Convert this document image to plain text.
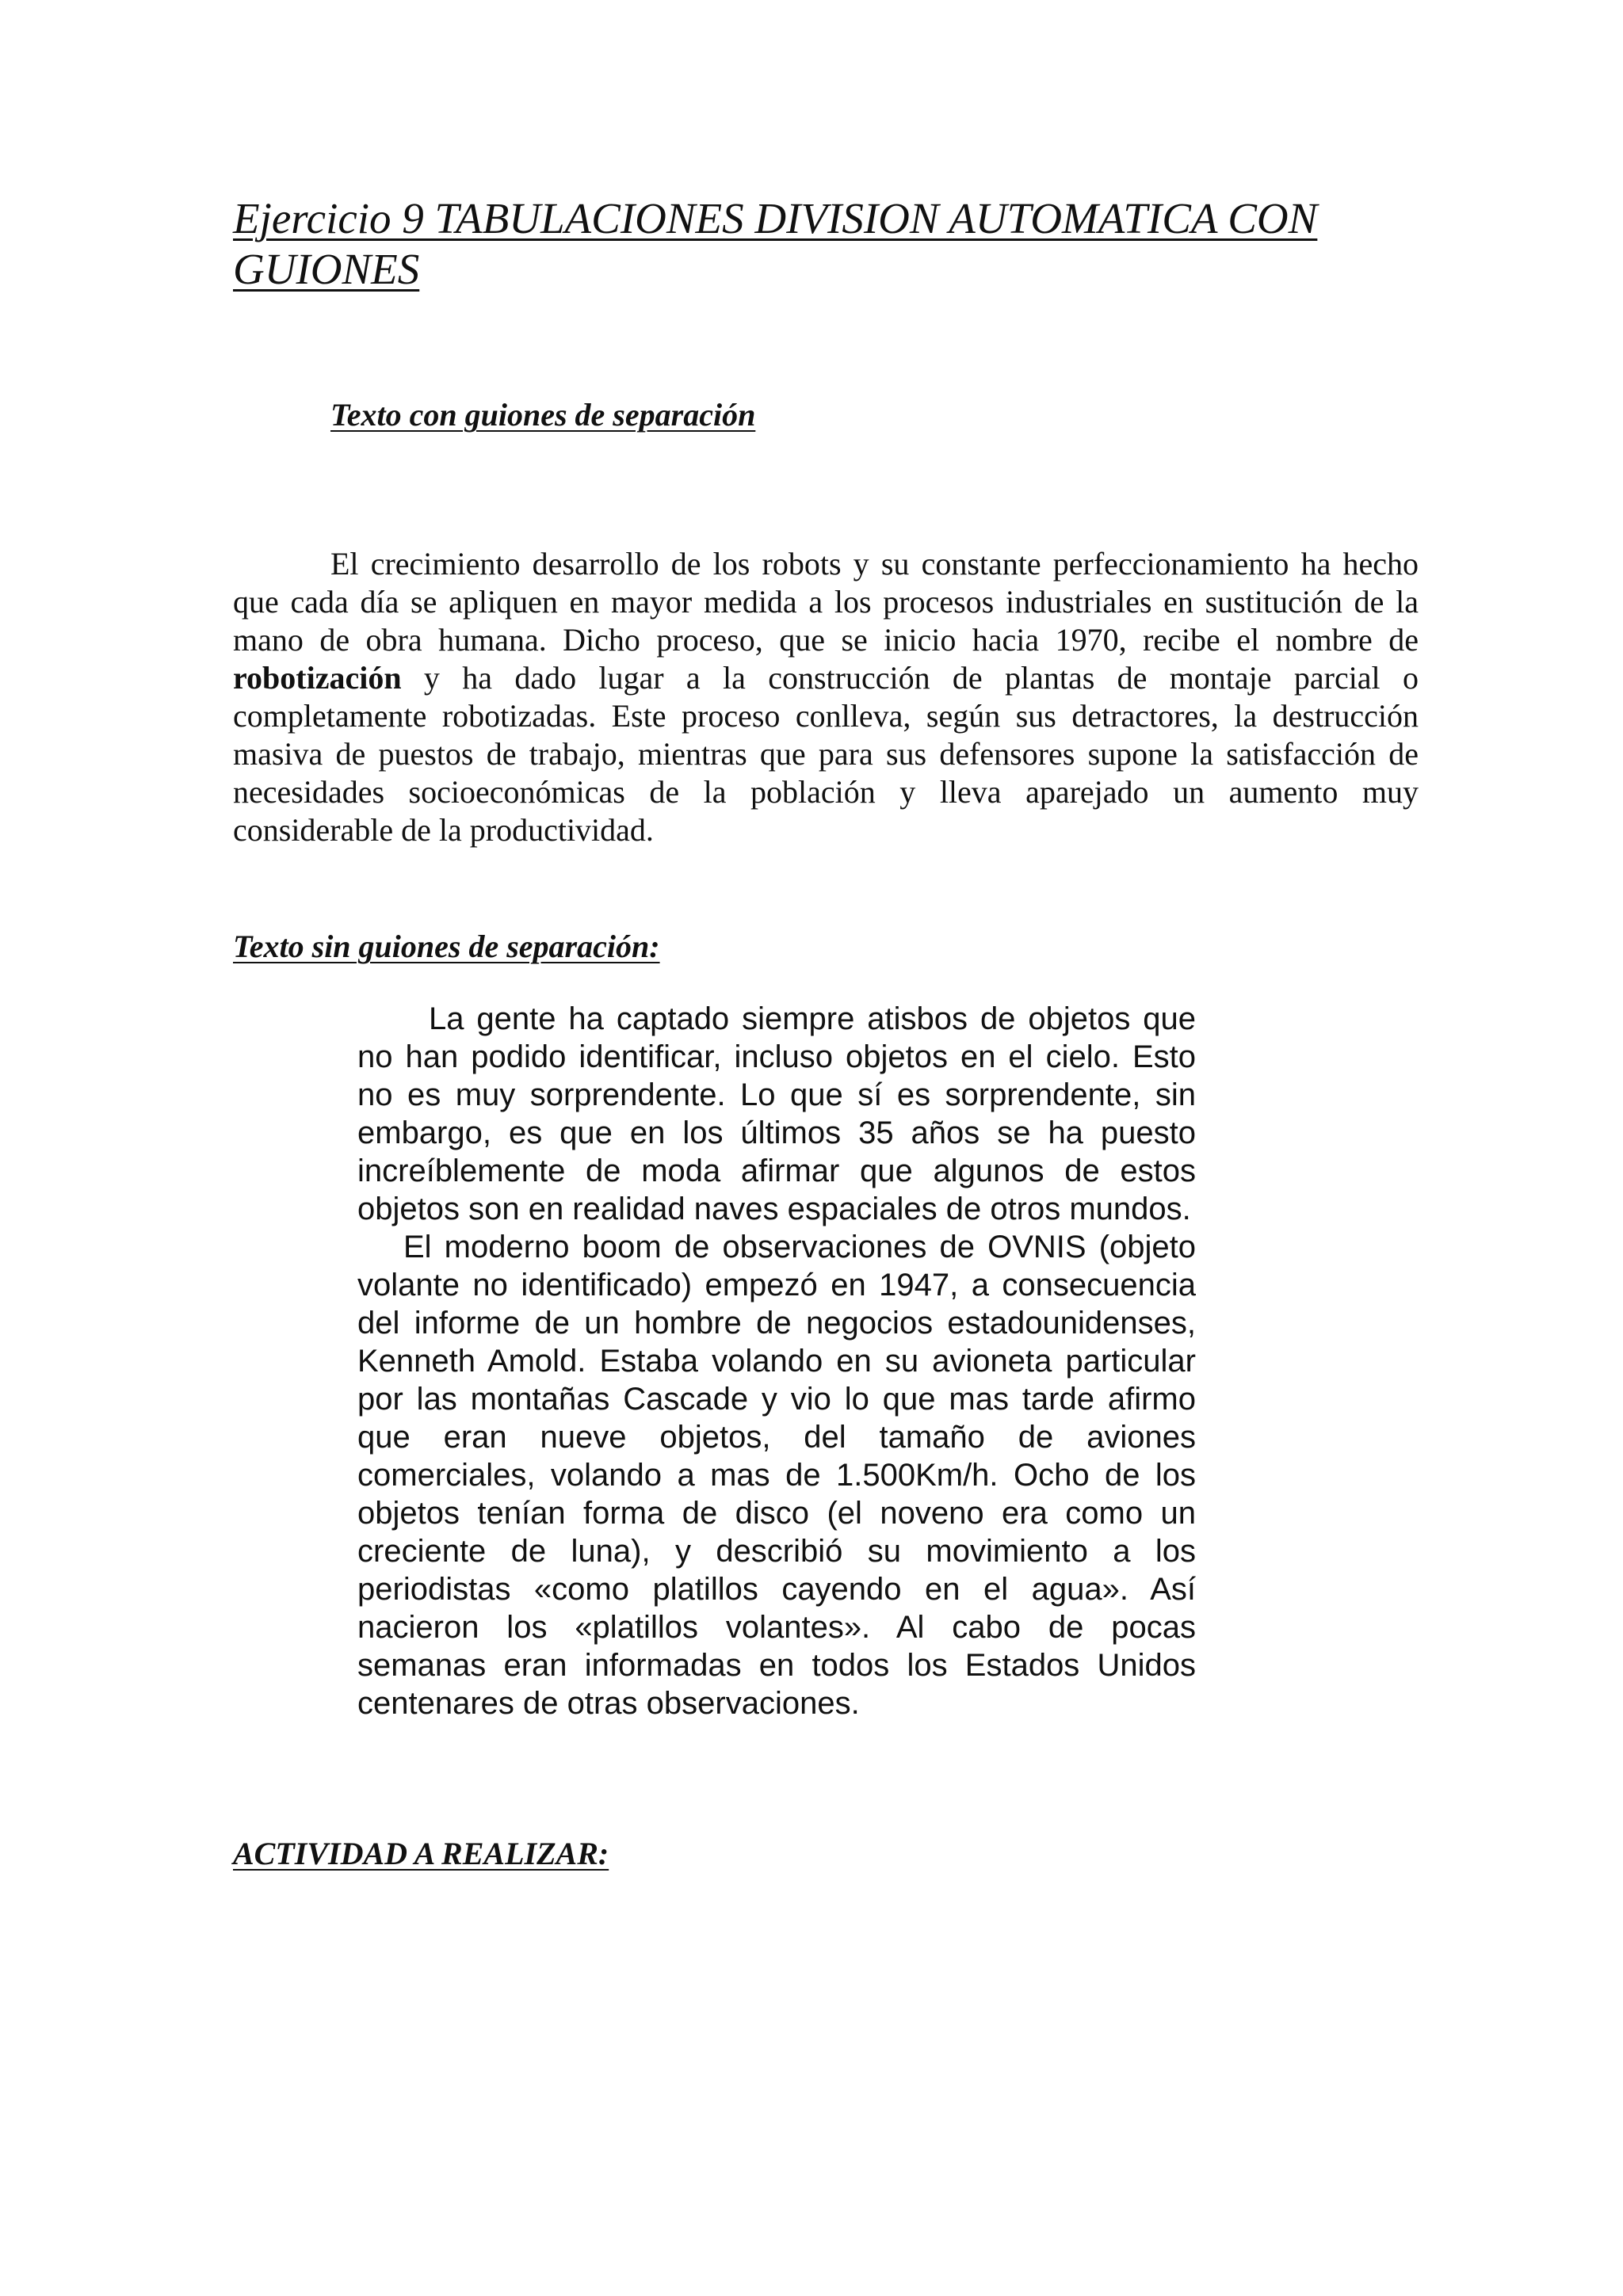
Ejercicio 9 TABULACIONES DIVISION AUTOMATICA CON GUIONES
Texto con guiones de separación

El crecimiento desarrollo de los robots y su constante perfeccionamiento ha hecho que cada día se apliquen en mayor medida a los procesos industriales en sustitución de la mano de obra humana. Dicho proceso, que se inicio hacia 1970, recibe el nombre de robotización y ha dado lugar a la construcción de plantas de montaje parcial o completamente robotizadas. Este proceso conlleva, según sus detractores, la destrucción masiva de puestos de trabajo, mientras que para sus defensores supone la satisfacción de necesidades socioeconómicas de la población y lleva aparejado un aumento muy considerable de la productividad.

Texto sin guiones de separación:

La gente ha captado siempre atisbos de objetos que no han podido identificar, incluso objetos en el cielo. Esto no es muy sorprendente. Lo que sí es sorprendente, sin embargo, es que en los últimos 35 años se ha puesto increíblemente de moda afirmar que algunos de estos objetos son en realidad naves espaciales de otros mundos.

El moderno boom de observaciones de OVNIS (objeto volante no identificado) empezó en 1947, a consecuencia del informe de un hombre de negocios estadounidenses, Kenneth Amold. Estaba volando en su avioneta particular por las montañas Cascade y vio lo que mas tarde afirmo que eran nueve objetos, del tamaño de aviones comerciales, volando a mas de 1.500Km/h. Ocho de los objetos tenían forma de disco (el noveno era como un creciente de luna), y describió su movimiento a los periodistas «como platillos cayendo en el agua». Así nacieron los «platillos volantes». Al cabo de pocas semanas eran informadas en todos los Estados Unidos centenares de otras observaciones.

ACTIVIDAD A REALIZAR:
